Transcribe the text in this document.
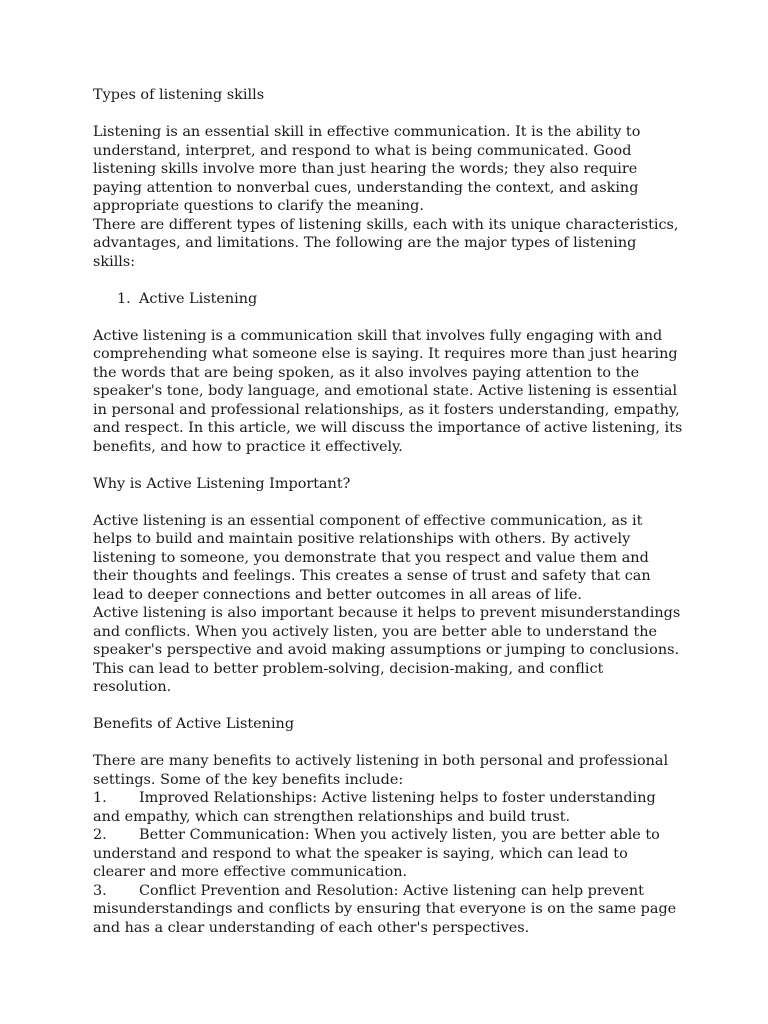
Types of listening skills

Listening is an essential skill in effective communication. It is the ability to understand, interpret, and respond to what is being communicated. Good listening skills involve more than just hearing the words; they also require paying attention to nonverbal cues, understanding the context, and asking appropriate questions to clarify the meaning.

There are different types of listening skills, each with its unique characteristics, advantages, and limitations. The following are the major types of listening skills:

1. Active Listening

Active listening is a communication skill that involves fully engaging with and comprehending what someone else is saying. It requires more than just hearing the words that are being spoken, as it also involves paying attention to the speaker's tone, body language, and emotional state. Active listening is essential in personal and professional relationships, as it fosters understanding, empathy, and respect. In this article, we will discuss the importance of active listening, its benefits, and how to practice it effectively.

Why is Active Listening Important?

Active listening is an essential component of effective communication, as it helps to build and maintain positive relationships with others. By actively listening to someone, you demonstrate that you respect and value them and their thoughts and feelings. This creates a sense of trust and safety that can lead to deeper connections and better outcomes in all areas of life.

Active listening is also important because it helps to prevent misunderstandings and conflicts. When you actively listen, you are better able to understand the speaker's perspective and avoid making assumptions or jumping to conclusions. This can lead to better problem-solving, decision-making, and conflict resolution.

Benefits of Active Listening

There are many benefits to actively listening in both personal and professional settings. Some of the key benefits include:

1. Improved Relationships: Active listening helps to foster understanding and empathy, which can strengthen relationships and build trust.

2. Better Communication: When you actively listen, you are better able to understand and respond to what the speaker is saying, which can lead to clearer and more effective communication.

3. Conflict Prevention and Resolution: Active listening can help prevent misunderstandings and conflicts by ensuring that everyone is on the same page and has a clear understanding of each other's perspectives.
